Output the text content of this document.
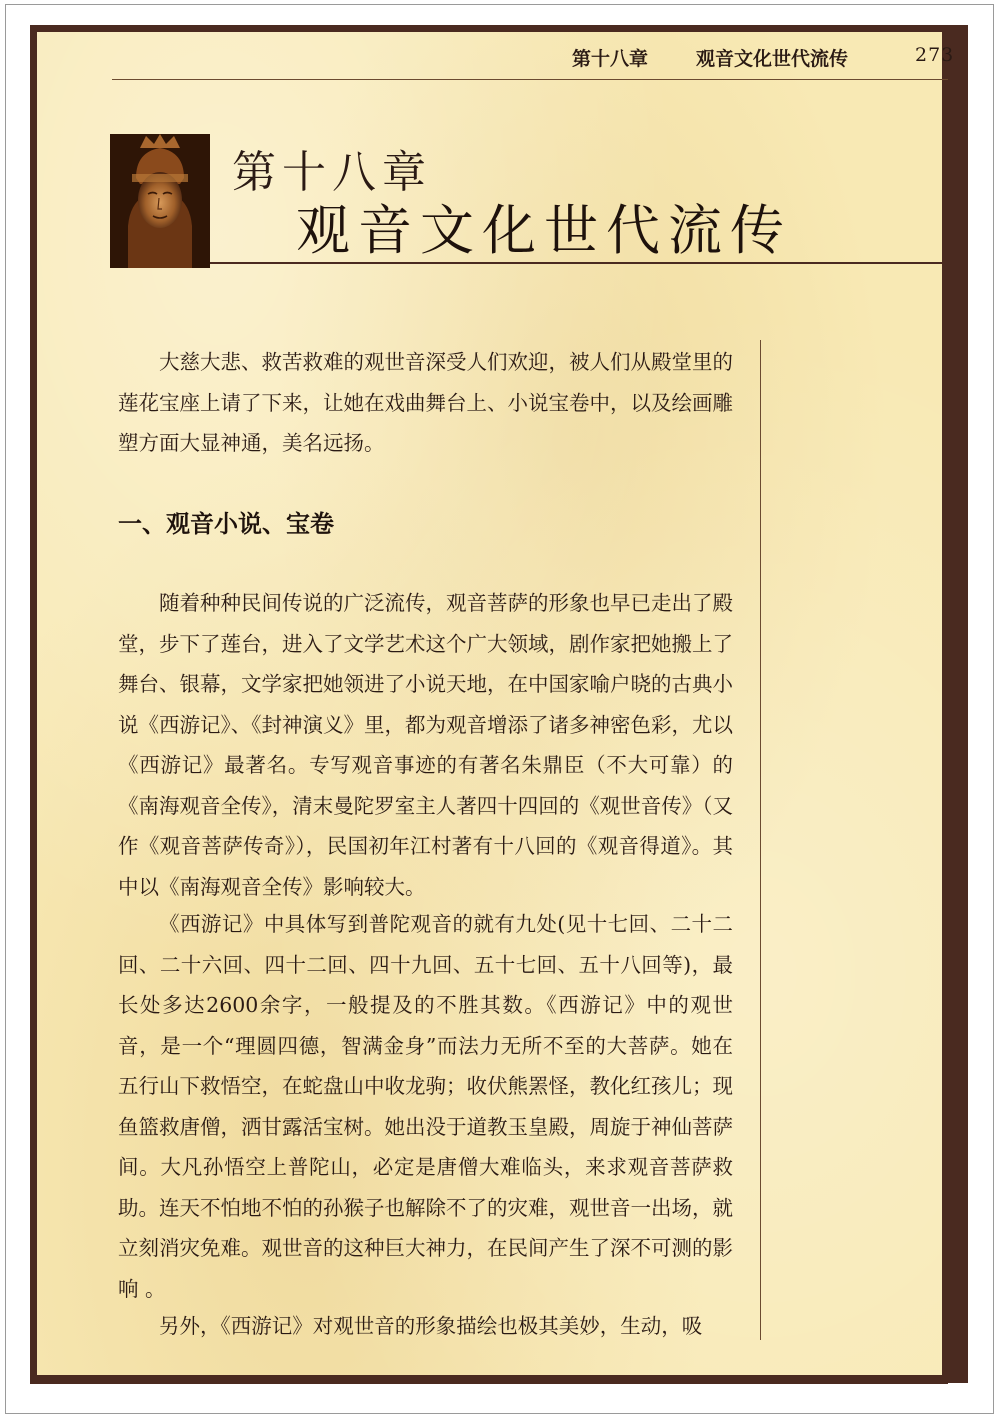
第十八章	观音文化世代流传	273
第十八章
观音文化世代流传
大慈大悲、救苦救难的观世音深受人们欢迎，被人们从殿堂里的莲花宝座上请了下来，让她在戏曲舞台上、小说宝卷中，以及绘画雕塑方面大显神通，美名远扬。
一、观音小说、宝卷
随着种种民间传说的广泛流传，观音菩萨的形象也早已走出了殿堂，步下了莲台，进入了文学艺术这个广大领域，剧作家把她搬上了舞台、银幕，文学家把她领进了小说天地，在中国家喻户晓的古典小说《西游记》、《封神演义》里，都为观音增添了诸多神密色彩，尤以《西游记》最著名。专写观音事迹的有著名朱鼎臣（不大可靠）的《南海观音全传》，清末曼陀罗室主人著四十四回的《观世音传》（又作《观音菩萨传奇》），民国初年江村著有十八回的《观音得道》。其中以《南海观音全传》影响较大。
《西游记》中具体写到普陀观音的就有九处(见十七回、二十二回、二十六回、四十二回、四十九回、五十七回、五十八回等)，最长处多达2600余字，一般提及的不胜其数。《西游记》中的观世音，是一个“理圆四德，智满金身”而法力无所不至的大菩萨。她在五行山下救悟空，在蛇盘山中收龙驹；收伏熊罴怪，教化红孩儿；现鱼篮救唐僧，洒甘露活宝树。她出没于道教玉皇殿，周旋于神仙菩萨间。大凡孙悟空上普陀山，必定是唐僧大难临头，来求观音菩萨救助。连天不怕地不怕的孙猴子也解除不了的灾难，观世音一出场，就立刻消灾免难。观世音的这种巨大神力，在民间产生了深不可测的影响 。
另外，《西游记》对观世音的形象描绘也极其美妙，生动，吸
